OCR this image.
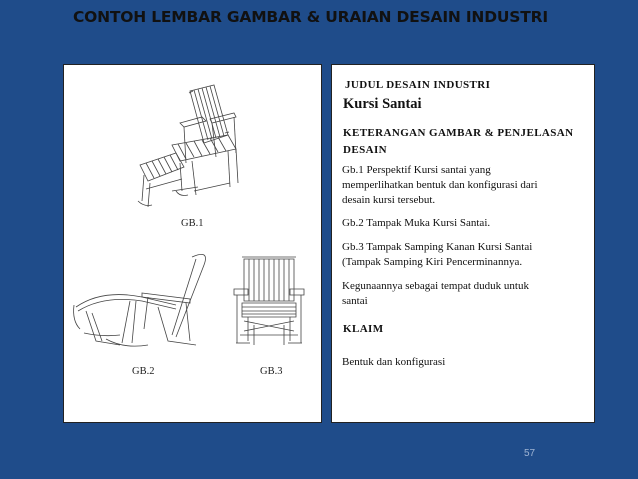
CONTOH LEMBAR GAMBAR & URAIAN DESAIN INDUSTRI
GB.1
GB.2	GB.3
JUDUL DESAIN INDUSTRI
Kursi Santai
KETERANGAN GAMBAR & PENJELASAN
DESAIN
Gb.1 Perspektif Kursi santai yang
memperlihatkan bentuk dan konfigurasi dari
desain kursi tersebut.
Gb.2 Tampak Muka Kursi Santai.
Gb.3 Tampak Samping Kanan Kursi Santai
(Tampak Samping Kiri Pencerminannya.
Kegunaannya sebagai tempat duduk untuk
santai
KLAIM
Bentuk dan konfigurasi
57
